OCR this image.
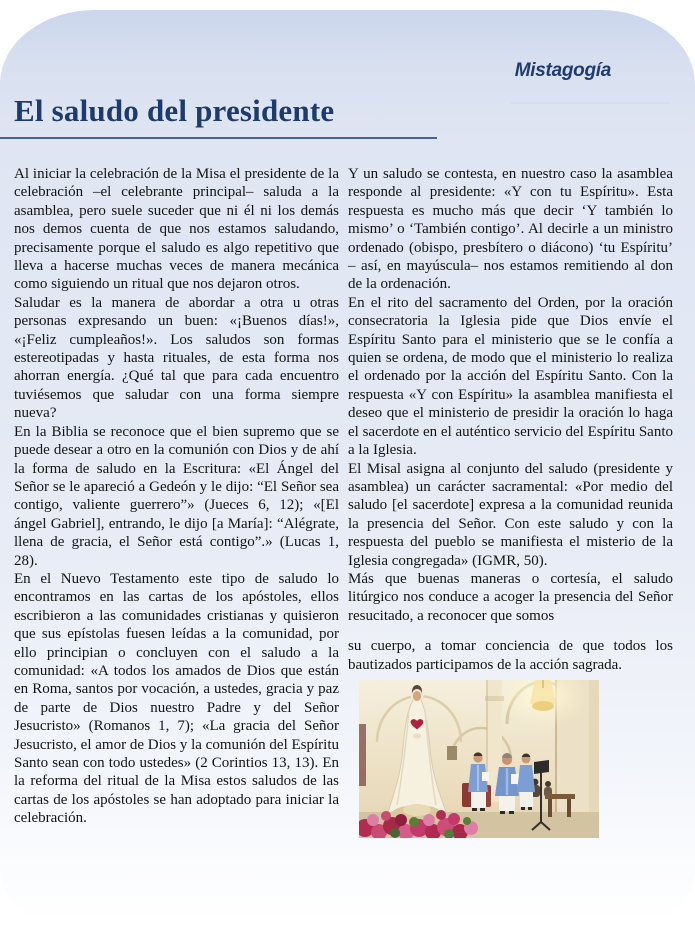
Mistagogía
El saludo del presidente

Al iniciar la celebración de la Misa el presidente de la celebración –el celebrante principal– saluda a la asamblea, pero suele suceder que ni él ni los demás nos demos cuenta de que nos estamos saludando, precisamente porque el saludo es algo repetitivo que lleva a hacerse muchas veces de manera mecánica como siguiendo un ritual que nos dejaron otros.

Saludar es la manera de abordar a otra u otras personas expresando un buen: «¡Buenos días!», «¡Feliz cumpleaños!». Los saludos son formas estereotipadas y hasta rituales, de esta forma nos ahorran energía. ¿Qué tal que para cada encuentro tuviésemos que saludar con una forma siempre nueva?

En la Biblia se reconoce que el bien supremo que se puede desear a otro en la comunión con Dios y de ahí la forma de saludo en la Escritura: «El Ángel del Señor se le apareció a Gedeón y le dijo: “El Señor sea contigo, valiente guerrero”» (Jueces 6, 12); «[El ángel Gabriel], entrando, le dijo [a María]: “Alégrate, llena de gracia, el Señor está contigo”.» (Lucas 1, 28).

En el Nuevo Testamento este tipo de saludo lo encontramos en las cartas de los apóstoles, ellos escribieron a las comunidades cristianas y quisieron que sus epístolas fuesen leídas a la comunidad, por ello principian o concluyen con el saludo a la comunidad: «A todos los amados de Dios que están en Roma, santos por vocación, a ustedes, gracia y paz de parte de Dios nuestro Padre y del Señor Jesucristo» (Romanos 1, 7); «La gracia del Señor Jesucristo, el amor de Dios y la comunión del Espíritu Santo sean con todo ustedes» (2 Corintios 13, 13). En la reforma del ritual de la Misa estos saludos de las cartas de los apóstoles se han adoptado para iniciar la celebración.

Y un saludo se contesta, en nuestro caso la asamblea responde al presidente: «Y con tu Espíritu». Esta respuesta es mucho más que decir ‘Y también lo mismo’ o ‘También contigo’. Al decirle a un ministro ordenado (obispo, presbítero o diácono) ‘tu Espíritu’ – así, en mayúscula– nos estamos remitiendo al don de la ordenación.

En el rito del sacramento del Orden, por la oración consecratoria la Iglesia pide que Dios envíe el Espíritu Santo para el ministerio que se le confía a quien se ordena, de modo que el ministerio lo realiza el ordenado por la acción del Espíritu Santo. Con la respuesta «Y con Espíritu» la asamblea manifiesta el deseo que el ministerio de presidir la oración lo haga el sacerdote en el auténtico servicio del Espíritu Santo a la Iglesia.

El Misal asigna al conjunto del saludo (presidente y asamblea) un carácter sacramental: «Por medio del saludo [el sacerdote] expresa a la comunidad reunida la presencia del Señor. Con este saludo y con la respuesta del pueblo se manifiesta el misterio de la Iglesia congregada» (IGMR, 50).

Más que buenas maneras o cortesía, el saludo litúrgico nos conduce a acoger la presencia del Señor resucitado, a reconocer que somos

su cuerpo, a tomar conciencia de que todos los bautizados participamos de la acción sagrada.
